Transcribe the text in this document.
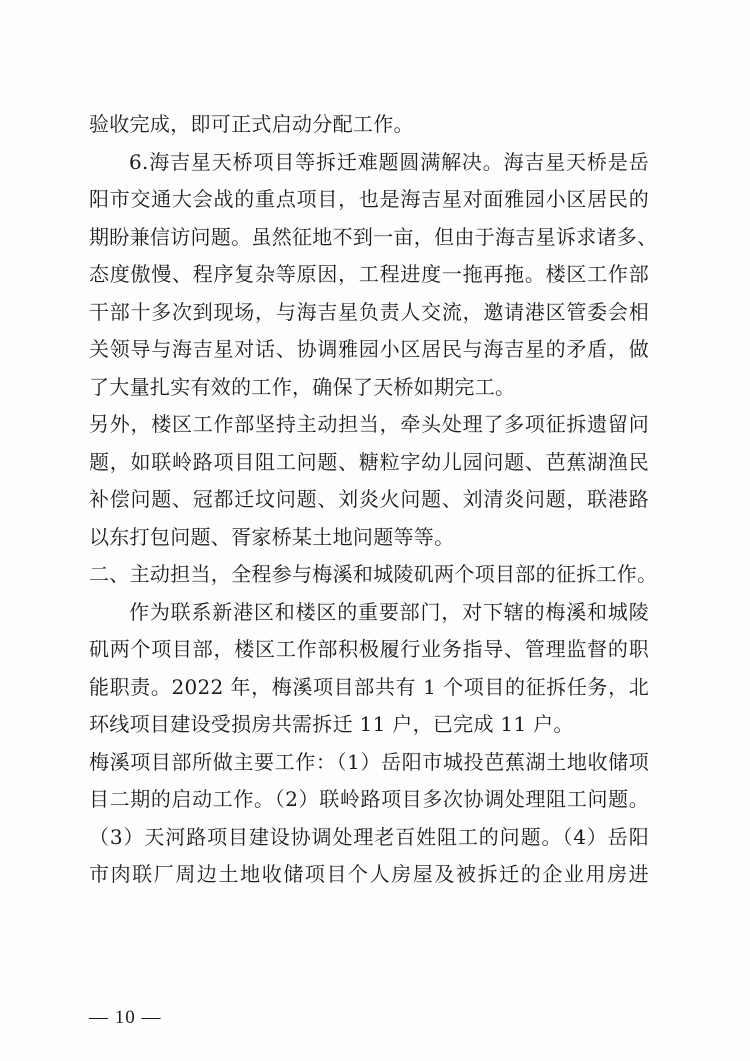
验收完成，即可正式启动分配工作。
6.海吉星天桥项目等拆迁难题圆满解决。海吉星天桥是岳
阳市交通大会战的重点项目，也是海吉星对面雅园小区居民的
期盼兼信访问题。虽然征地不到一亩，但由于海吉星诉求诸多、
态度傲慢、程序复杂等原因，工程进度一拖再拖。楼区工作部
干部十多次到现场，与海吉星负责人交流，邀请港区管委会相
关领导与海吉星对话、协调雅园小区居民与海吉星的矛盾，做
了大量扎实有效的工作，确保了天桥如期完工。
另外，楼区工作部坚持主动担当，牵头处理了多项征拆遗留问
题，如联岭路项目阻工问题、糖粒字幼儿园问题、芭蕉湖渔民
补偿问题、冠都迁坟问题、刘炎火问题、刘清炎问题，联港路
以东打包问题、胥家桥某土地问题等等。
二、主动担当，全程参与梅溪和城陵矶两个项目部的征拆工作。
作为联系新港区和楼区的重要部门，对下辖的梅溪和城陵
矶两个项目部，楼区工作部积极履行业务指导、管理监督的职
能职责。2022 年，梅溪项目部共有 1 个项目的征拆任务，北
环线项目建设受损房共需拆迁 11 户，已完成 11 户。
梅溪项目部所做主要工作：（1）岳阳市城投芭蕉湖土地收储项
目二期的启动工作。（2）联岭路项目多次协调处理阻工问题。
（3）天河路项目建设协调处理老百姓阻工的问题。（4）岳阳
市肉联厂周边土地收储项目个人房屋及被拆迁的企业用房进
— 10 —
